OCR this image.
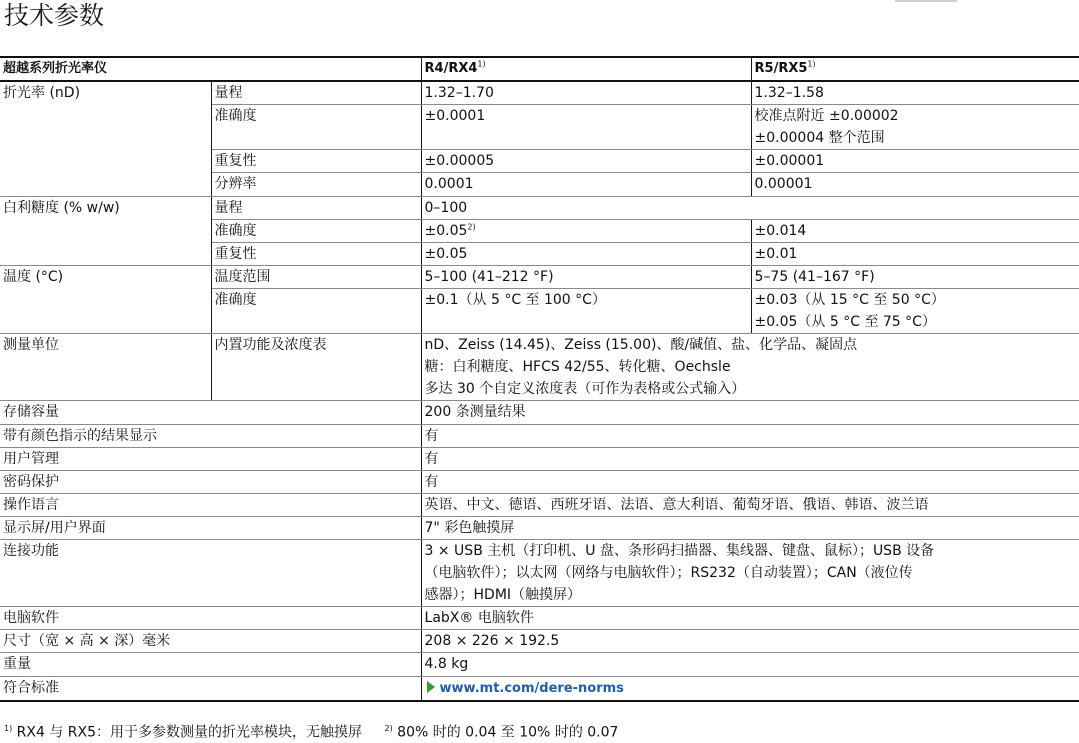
技术参数
超越系列折光率仪		R4/RX4$^{1)}$	R5/RX5$^{1)}$
折光率 (nD)	量程	1.32–1.70	1.32–1.58
	准确度	±0.0001	校准点附近 ±0.00002
			±0.00004 整个范围
	重复性	±0.00005	±0.00001
	分辨率	0.0001	0.00001
白利糖度 (% w/w)	量程	0–100	
	准确度	±0.05$^{2)}$	±0.014
	重复性	±0.05	±0.01
温度 (°C)	温度范围	5–100 (41–212 °F)	5–75 (41–167 °F)
	准确度	±0.1（从 5 °C 至 100 °C）	±0.03（从 15 °C 至 50 °C）
			±0.05（从 5 °C 至 75 °C）
测量单位	内置功能及浓度表	nD、Zeiss (14.45)、Zeiss (15.00)、酸/碱值、盐、化学品、凝固点	
		糖：白利糖度、HFCS 42/55、转化糖、Oechsle	
		多达 30 个自定义浓度表（可作为表格或公式输入）	
存储容量		200 条测量结果	
带有颜色指示的结果显示		有	
用户管理		有	
密码保护		有	
操作语言		英语、中文、德语、西班牙语、法语、意大利语、葡萄牙语、俄语、韩语、波兰语	
显示屏/用户界面		7" 彩色触摸屏	
连接功能		3 × USB 主机（打印机、U 盘、条形码扫描器、集线器、键盘、鼠标）；USB 设备	
		（电脑软件）；以太网（网络与电脑软件）；RS232（自动装置）；CAN（液位传	
		感器）；HDMI（触摸屏）	
电脑软件		LabX® 电脑软件	
尺寸（宽 × 高 × 深）毫米		208 × 226 × 192.5	
重量		4.8 kg	
符合标准		www.mt.com/dere-norms	
$^{1)}$ RX4 与 RX5：用于多参数测量的折光率模块，无触摸屏	$^{2)}$ 80% 时的 0.04 至 10% 时的 0.07
